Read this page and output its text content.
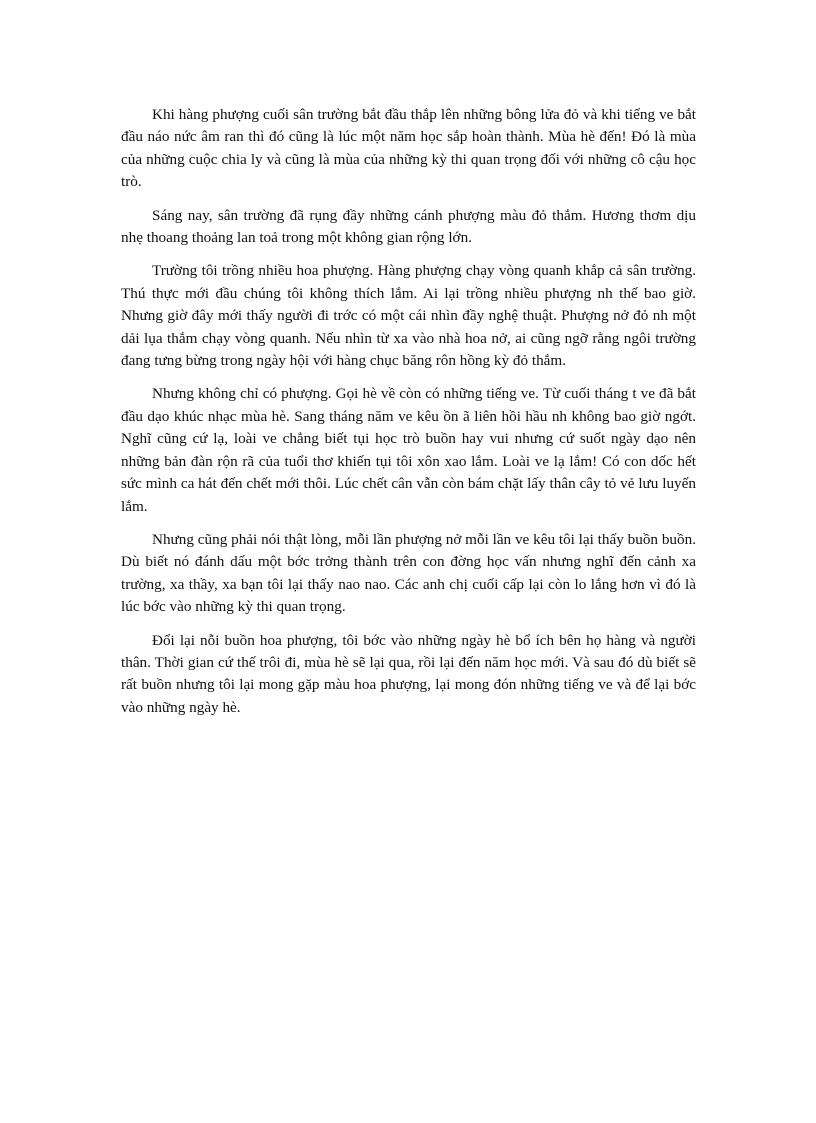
Khi hàng phượng cuối sân trường bắt đầu thắp lên những bông lửa đỏ và khi tiếng ve bắt đầu náo nức âm ran thì đó cũng là lúc một năm học sắp hoàn thành. Mùa hè đến! Đó là mùa của những cuộc chia ly và cũng là mùa của những kỳ thi quan trọng đối với những cô cậu học trò.

Sáng nay, sân trường đã rụng đầy những cánh phượng màu đỏ thắm. Hương thơm dịu nhẹ thoang thoảng lan toả trong một không gian rộng lớn.

Trường tôi trồng nhiều hoa phượng. Hàng phượng chạy vòng quanh khắp cả sân trường. Thú thực mới đầu chúng tôi không thích lắm. Ai lại trồng nhiều phượng nh thế bao giờ. Nhưng giờ đây mới thấy người đi trớc có một cái nhìn đầy nghệ thuật. Phượng nở đỏ nh một dải lụa thắm chạy vòng quanh. Nếu nhìn từ xa vào nhà hoa nở, ai cũng ngỡ rằng ngôi trường đang tưng bừng trong ngày hội với hàng chục băng rôn hồng kỳ đỏ thắm.

Nhưng không chỉ có phượng. Gọi hè về còn có những tiếng ve. Từ cuối tháng t ve đã bắt đầu dạo khúc nhạc mùa hè. Sang tháng năm ve kêu ồn ã liên hồi hầu nh không bao giờ ngớt. Nghĩ cũng cứ lạ, loài ve chẳng biết tụi học trò buồn hay vui nhưng cứ suốt ngày dạo nên những bản đàn rộn rã của tuổi thơ khiến tụi tôi xôn xao lắm. Loài ve lạ lắm! Có con dốc hết sức mình ca hát đến chết mới thôi. Lúc chết cân vẫn còn bám chặt lấy thân cây tỏ vẻ lưu luyến lắm.

Nhưng cũng phải nói thật lòng, mỗi lần phượng nở mỗi lần ve kêu tôi lại thấy buồn buồn. Dù biết nó đánh dấu một bớc trởng thành trên con đờng học vấn nhưng nghĩ đến cảnh xa trường, xa thầy, xa bạn tôi lại thấy nao nao. Các anh chị cuối cấp lại còn lo lắng hơn vì đó là lúc bớc vào những kỳ thi quan trọng.

Đổi lại nỗi buồn hoa phượng, tôi bớc vào những ngày hè bổ ích bên họ hàng và người thân. Thời gian cứ thế trôi đi, mùa hè sẽ lại qua, rồi lại đến năm học mới. Và sau đó dù biết sẽ rất buồn nhưng tôi lại mong gặp màu hoa phượng, lại mong đón những tiếng ve và để lại bớc vào những ngày hè.
